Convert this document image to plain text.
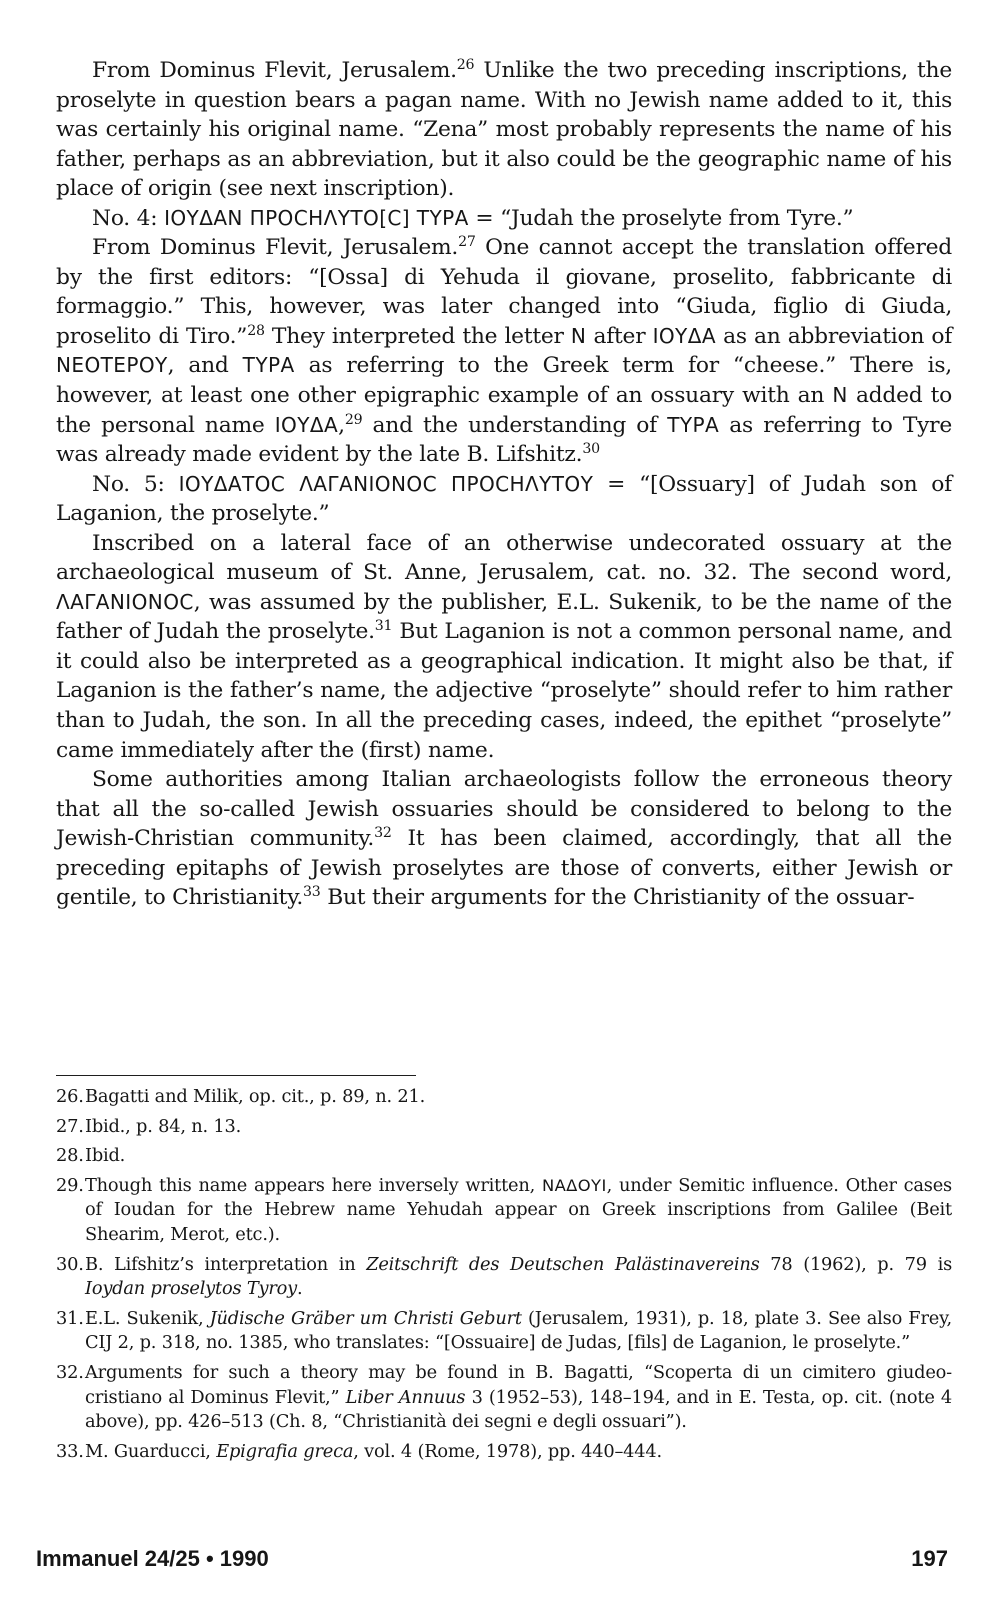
From Dominus Flevit, Jerusalem.$^{26}$ Unlike the two preceding inscriptions, the proselyte in question bears a pagan name. With no Jewish name added to it, this was certainly his original name. “Zena” most probably represents the name of his father, perhaps as an abbreviation, but it also could be the geographic name of his place of origin (see next inscription).

No. 4: ΙΟΥΔΑΝ ΠΡΟϹΗΛΥΤΟ[Ϲ] ΤΥΡΑ = “Judah the proselyte from Tyre.”

From Dominus Flevit, Jerusalem.$^{27}$ One cannot accept the translation offered by the first editors: “[Ossa] di Yehuda il giovane, proselito, fabbricante di formaggio.” This, however, was later changed into “Giuda, figlio di Giuda, proselito di Tiro.”$^{28}$ They interpreted the letter Ν after ΙΟΥΔΑ as an abbreviation of ΝΕΟΤΕΡΟΥ, and ΤΥΡΑ as referring to the Greek term for “cheese.” There is, however, at least one other epigraphic example of an ossuary with an Ν added to the personal name ΙΟΥΔΑ,$^{29}$ and the understanding of ΤΥΡΑ as referring to Tyre was already made evident by the late B. Lifshitz.$^{30}$

No. 5: ΙΟΥΔΑΤΟϹ ΛΑΓΑΝΙΟΝΟϹ ΠΡΟϹΗΛΥΤΟΥ = “[Ossuary] of Judah son of Laganion, the proselyte.”

Inscribed on a lateral face of an otherwise undecorated ossuary at the archaeological museum of St. Anne, Jerusalem, cat. no. 32. The second word, ΛΑΓΑΝΙΟΝΟϹ, was assumed by the publisher, E.L. Sukenik, to be the name of the father of Judah the proselyte.$^{31}$ But Laganion is not a common personal name, and it could also be interpreted as a geographical indication. It might also be that, if Laganion is the father’s name, the adjective “proselyte” should refer to him rather than to Judah, the son. In all the preceding cases, indeed, the epithet “proselyte” came immediately after the (first) name.

Some authorities among Italian archaeologists follow the erroneous theory that all the so-called Jewish ossuaries should be considered to belong to the Jewish-Christian community.$^{32}$ It has been claimed, accordingly, that all the preceding epitaphs of Jewish proselytes are those of converts, either Jewish or gentile, to Christianity.$^{33}$ But their arguments for the Christianity of the ossuar-

26. Bagatti and Milik, op. cit., p. 89, n. 21.
27. Ibid., p. 84, n. 13.
28. Ibid.
29. Though this name appears here inversely written, ΝΑΔΟΥΙ, under Semitic influence. Other cases of Ioudan for the Hebrew name Yehudah appear on Greek inscriptions from Galilee (Beit Shearim, Merot, etc.).
30. B. Lifshitz’s interpretation in Zeitschrift des Deutschen Palästinavereins 78 (1962), p. 79 is Ioydan proselytos Tyroy.
31. E.L. Sukenik, Jüdische Gräber um Christi Geburt (Jerusalem, 1931), p. 18, plate 3. See also Frey, CIJ 2, p. 318, no. 1385, who translates: “[Ossuaire] de Judas, [fils] de Laganion, le proselyte.”
32. Arguments for such a theory may be found in B. Bagatti, “Scoperta di un cimitero giudeo-cristiano al Dominus Flevit,” Liber Annuus 3 (1952–53), 148–194, and in E. Testa, op. cit. (note 4 above), pp. 426–513 (Ch. 8, “Christianità dei segni e degli ossuari”).
33. M. Guarducci, Epigrafia greca, vol. 4 (Rome, 1978), pp. 440–444.
Immanuel 24/25 • 1990	197
